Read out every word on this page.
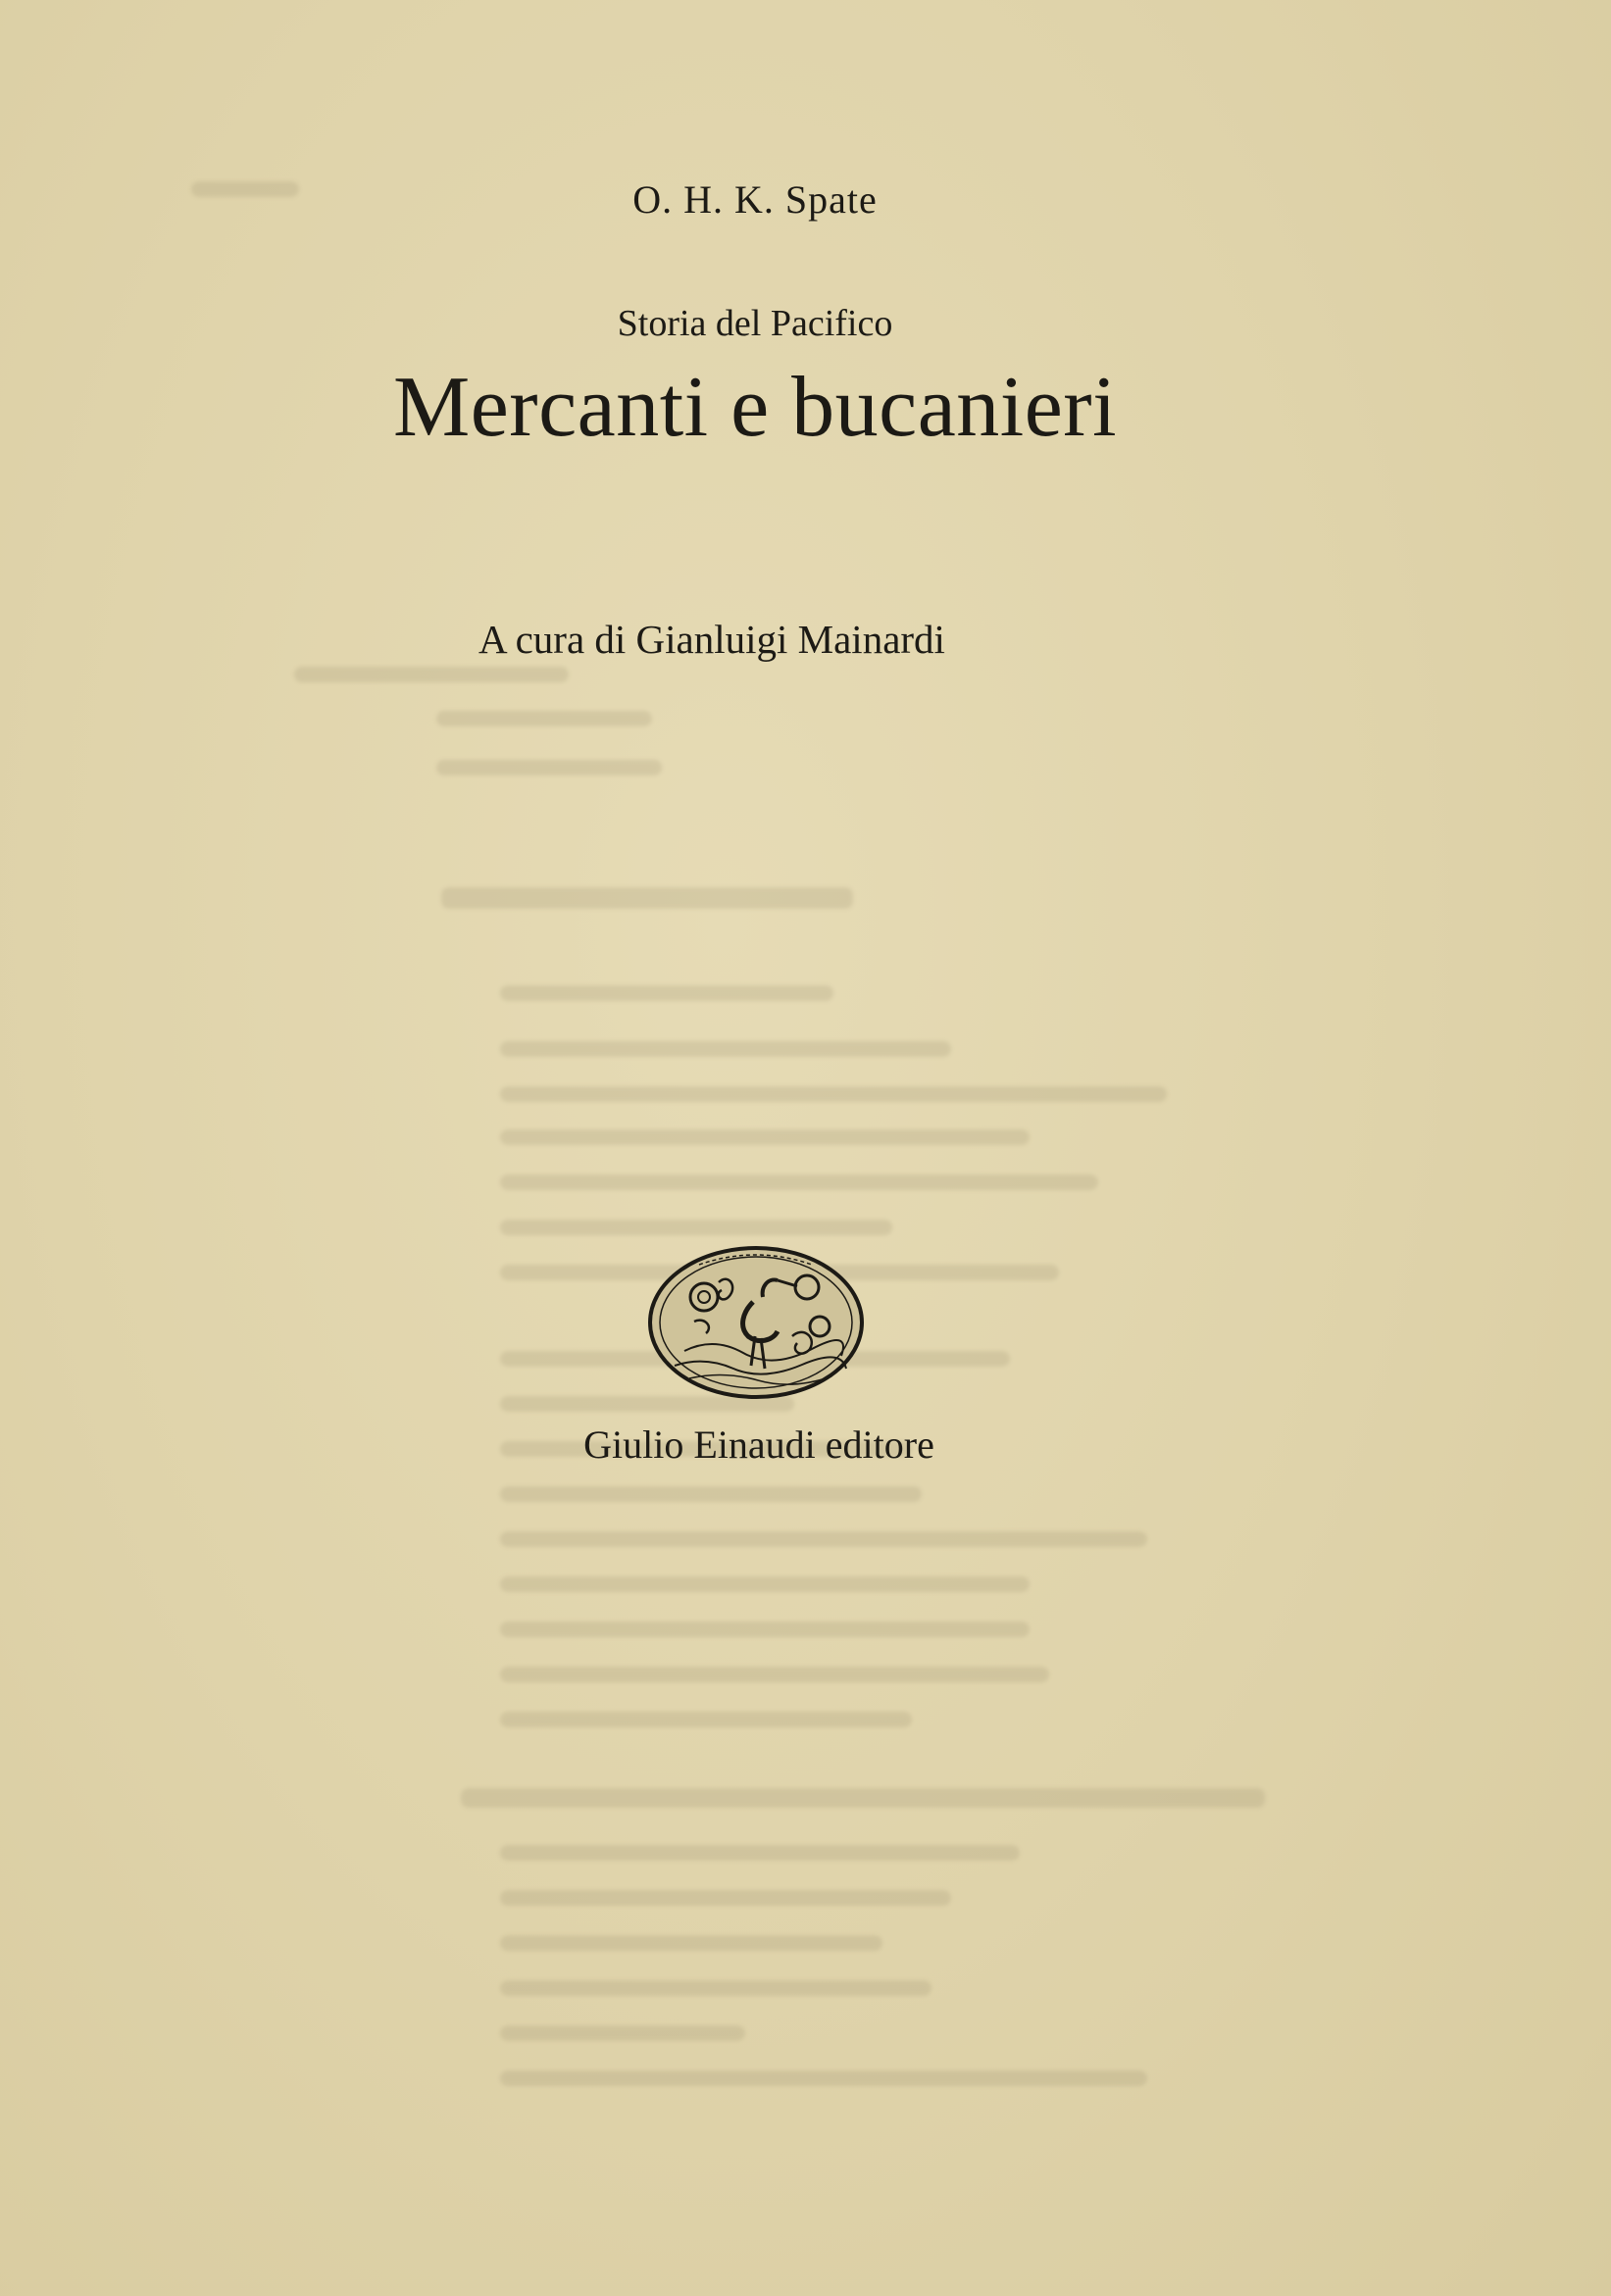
O. H. K. Spate
Storia del Pacifico
Mercanti e bucanieri
A cura di Gianluigi Mainardi
Giulio Einaudi editore
